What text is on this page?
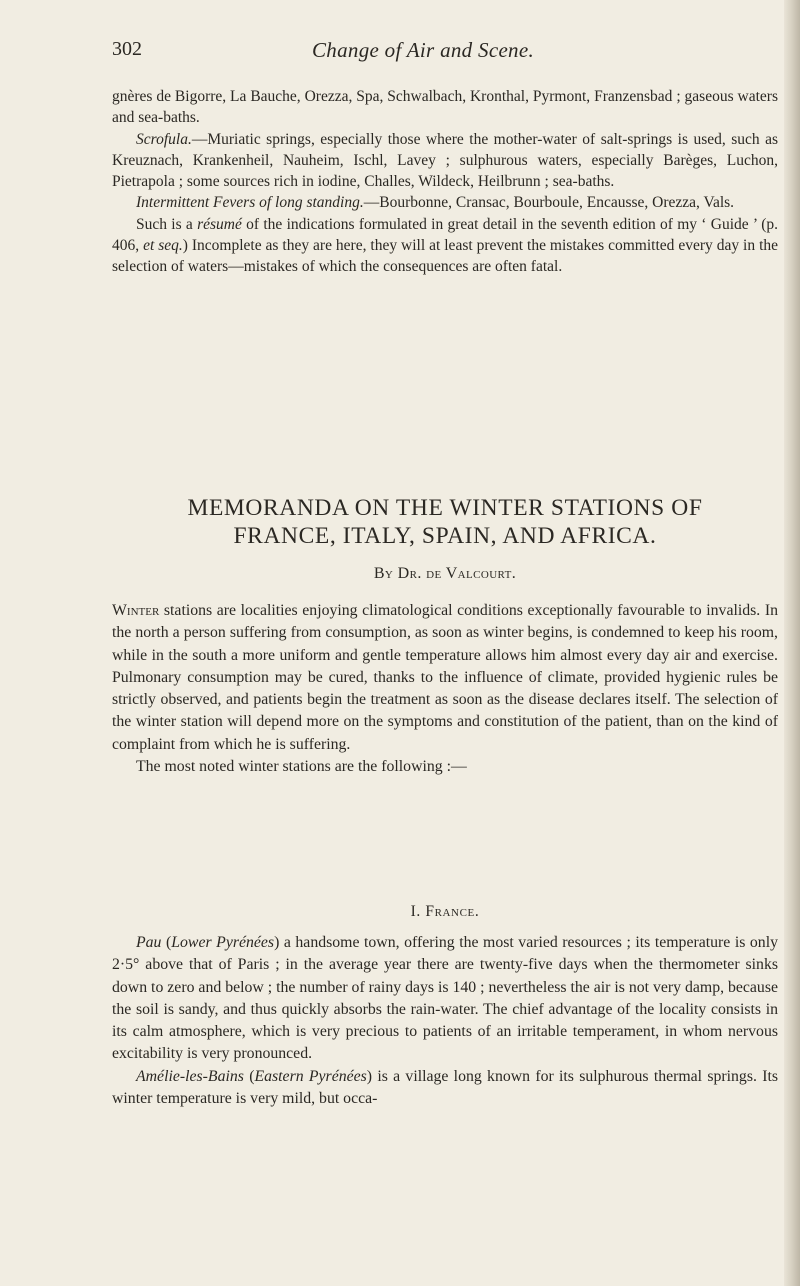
302	Change of Air and Scene.

gnères de Bigorre, La Bauche, Orezza, Spa, Schwalbach, Kronthal, Pyrmont, Franzensbad ; gaseous waters and sea-baths.

Scrofula.—Muriatic springs, especially those where the mother-water of salt-springs is used, such as Kreuznach, Krankenheil, Nauheim, Ischl, Lavey ; sulphurous waters, especially Barèges, Luchon, Pietrapola ; some sources rich in iodine, Challes, Wildeck, Heilbrunn ; sea-baths.

Intermittent Fevers of long standing.—Bourbonne, Cransac, Bourboule, Encausse, Orezza, Vals.

Such is a résumé of the indications formulated in great detail in the seventh edition of my ‘ Guide ’ (p. 406, et seq.) Incomplete as they are here, they will at least prevent the mistakes committed every day in the selection of waters—mistakes of which the consequences are often fatal.

MEMORANDA ON THE WINTER STATIONS OF
FRANCE, ITALY, SPAIN, AND AFRICA.
By Dr. de Valcourt.

Winter stations are localities enjoying climatological conditions exceptionally favourable to invalids. In the north a person suffering from consumption, as soon as winter begins, is condemned to keep his room, while in the south a more uniform and gentle temperature allows him almost every day air and exercise. Pulmonary consumption may be cured, thanks to the influence of climate, provided hygienic rules be strictly observed, and patients begin the treatment as soon as the disease declares itself. The selection of the winter station will depend more on the symptoms and constitution of the patient, than on the kind of complaint from which he is suffering.

The most noted winter stations are the following :—

I. France.

Pau (Lower Pyrénées) a handsome town, offering the most varied resources ; its temperature is only 2·5° above that of Paris ; in the average year there are twenty-five days when the thermometer sinks down to zero and below ; the number of rainy days is 140 ; nevertheless the air is not very damp, because the soil is sandy, and thus quickly absorbs the rain-water. The chief advantage of the locality consists in its calm atmosphere, which is very precious to patients of an irritable temperament, in whom nervous excitability is very pronounced.

Amélie-les-Bains (Eastern Pyrénées) is a village long known for its sulphurous thermal springs. Its winter temperature is very mild, but occa-
